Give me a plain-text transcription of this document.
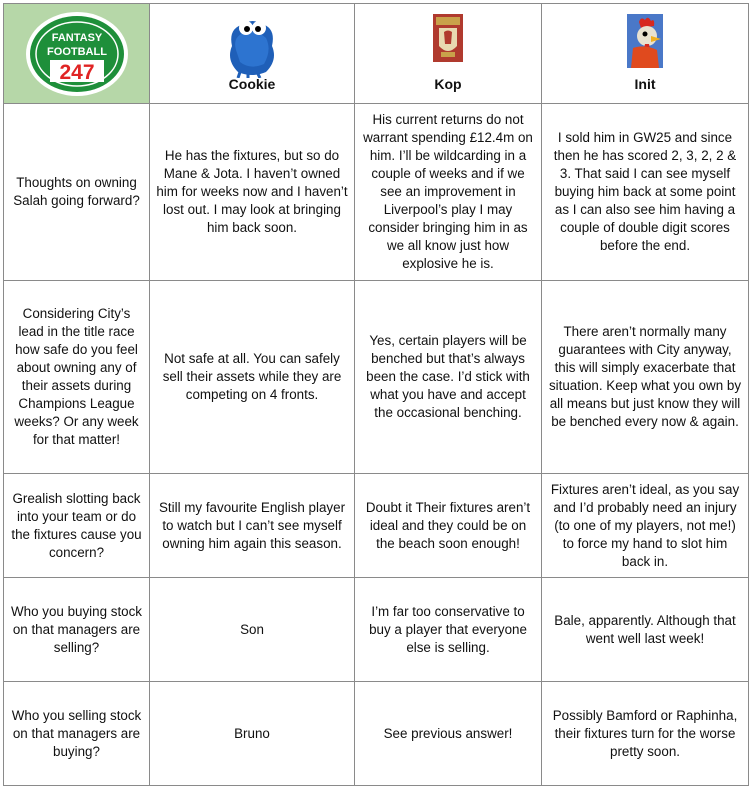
FANTASY
FOOTBALL
247	Cookie	Kop	Init

Thoughts on owning Salah going forward?	He has the fixtures, but so do Mane & Jota. I haven’t owned him for weeks now and I haven’t lost out. I may look at bringing him back soon.	His current returns do not warrant spending £12.4m on him. I’ll be wildcarding in a couple of weeks and if we see an improvement in Liverpool’s play I may consider bringing him in as we all know just how explosive he is.	I sold him in GW25 and since then he has scored 2, 3, 2, 2 & 3. That said I can see myself buying him back at some point as I can also see him having a couple of double digit scores before the end.
Considering City’s lead in the title race how safe do you feel about owning any of their assets during Champions League weeks? Or any week for that matter!	Not safe at all. You can safely sell their assets while they are competing on 4 fronts.	Yes, certain players will be benched but that’s always been the case. I’d stick with what you have and accept the occasional benching.	There aren’t normally many guarantees with City anyway, this will simply exacerbate that situation. Keep what you own by all means but just know they will be benched every now & again.
Grealish slotting back into your team or do the fixtures cause you concern?	Still my favourite English player to watch but I can’t see myself owning him again this season.	Doubt it Their fixtures aren’t ideal and they could be on the beach soon enough!	Fixtures aren’t ideal, as you say and I’d probably need an injury (to one of my players, not me!) to force my hand to slot him back in.
Who you buying stock on that managers are selling?	Son	I’m far too conservative to buy a player that everyone else is selling.	Bale, apparently. Although that went well last week!
Who you selling stock on that managers are buying?	Bruno	See previous answer!	Possibly Bamford or Raphinha, their fixtures turn for the worse pretty soon.
